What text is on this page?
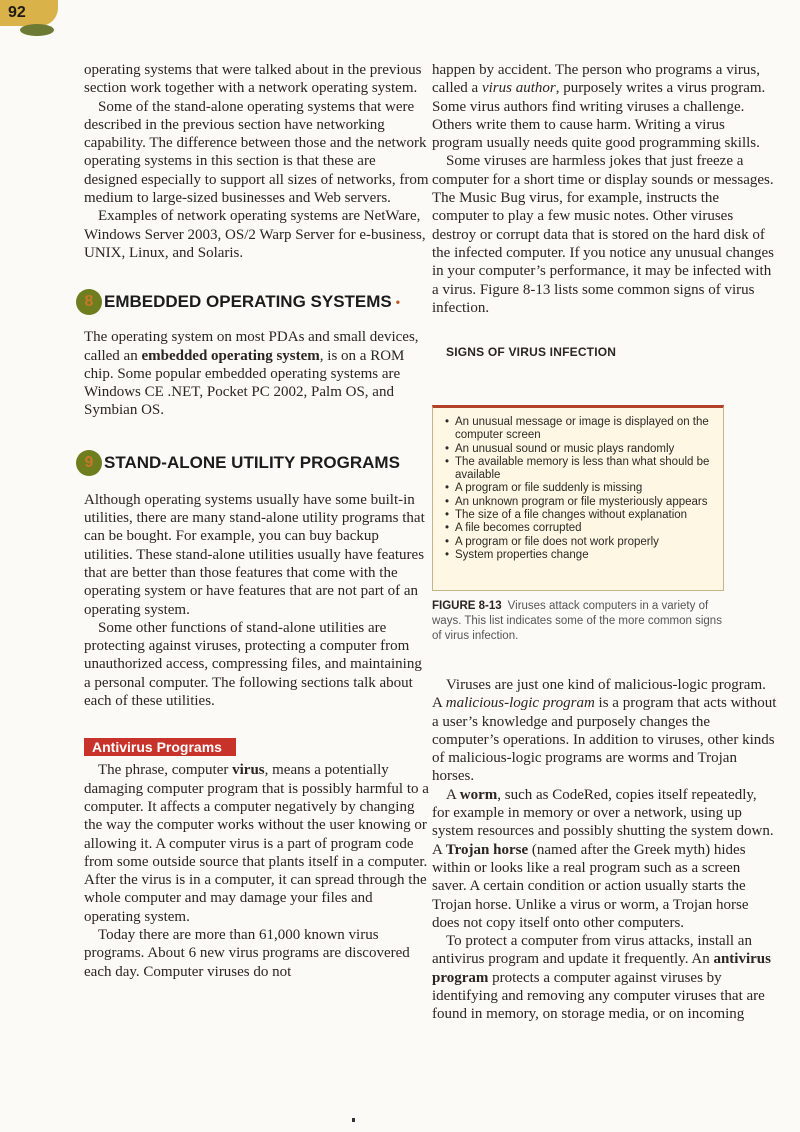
92

operating systems that were talked about in the previous section work together with a network operating system.

Some of the stand-alone operating systems that were described in the previous section have networking capability. The difference between those and the network operating systems in this section is that these are designed especially to support all sizes of networks, from medium to large-sized businesses and Web servers.

Examples of network operating systems are NetWare, Windows Server 2003, OS/2 Warp Server for e-business, UNIX, Linux, and Solaris.

8 EMBEDDED OPERATING SYSTEMS •

The operating system on most PDAs and small devices, called an embedded operating system, is on a ROM chip. Some popular embedded operating systems are Windows CE .NET, Pocket PC 2002, Palm OS, and Symbian OS.

9 STAND-ALONE UTILITY PROGRAMS

Although operating systems usually have some built-in utilities, there are many stand-alone utility programs that can be bought. For example, you can buy backup utilities. These stand-alone utilities usually have features that are better than those features that come with the operating system or have features that are not part of an operating system.

Some other functions of stand-alone utilities are protecting against viruses, protecting a computer from unauthorized access, compressing files, and maintaining a personal computer. The following sections talk about each of these utilities.

Antivirus Programs

The phrase, computer virus, means a potentially damaging computer program that is possibly harmful to a computer. It affects a computer negatively by changing the way the computer works without the user knowing or allowing it. A computer virus is a part of program code from some outside source that plants itself in a computer. After the virus is in a computer, it can spread through the whole computer and may damage your files and operating system.

Today there are more than 61,000 known virus programs. About 6 new virus programs are discovered each day. Computer viruses do not

happen by accident. The person who programs a virus, called a virus author, purposely writes a virus program. Some virus authors find writing viruses a challenge. Others write them to cause harm. Writing a virus program usually needs quite good programming skills.

Some viruses are harmless jokes that just freeze a computer for a short time or display sounds or messages. The Music Bug virus, for example, instructs the computer to play a few music notes. Other viruses destroy or corrupt data that is stored on the hard disk of the infected computer. If you notice any unusual changes in your computer’s performance, it may be infected with a virus. Figure 8-13 lists some common signs of virus infection.

SIGNS OF VIRUS INFECTION

• An unusual message or image is displayed on the computer screen
• An unusual sound or music plays randomly
• The available memory is less than what should be available
• A program or file suddenly is missing
• An unknown program or file mysteriously appears
• The size of a file changes without explanation
• A file becomes corrupted
• A program or file does not work properly
• System properties change
FIGURE 8-13 Viruses attack computers in a variety of ways. This list indicates some of the more common signs of virus infection.

Viruses are just one kind of malicious-logic program. A malicious-logic program is a program that acts without a user’s knowledge and purposely changes the computer’s operations. In addition to viruses, other kinds of malicious-logic programs are worms and Trojan horses.

A worm, such as CodeRed, copies itself repeatedly, for example in memory or over a network, using up system resources and possibly shutting the system down. A Trojan horse (named after the Greek myth) hides within or looks like a real program such as a screen saver. A certain condition or action usually starts the Trojan horse. Unlike a virus or worm, a Trojan horse does not copy itself onto other computers.

To protect a computer from virus attacks, install an antivirus program and update it frequently. An antivirus program protects a computer against viruses by identifying and removing any computer viruses that are found in memory, on storage media, or on incoming
